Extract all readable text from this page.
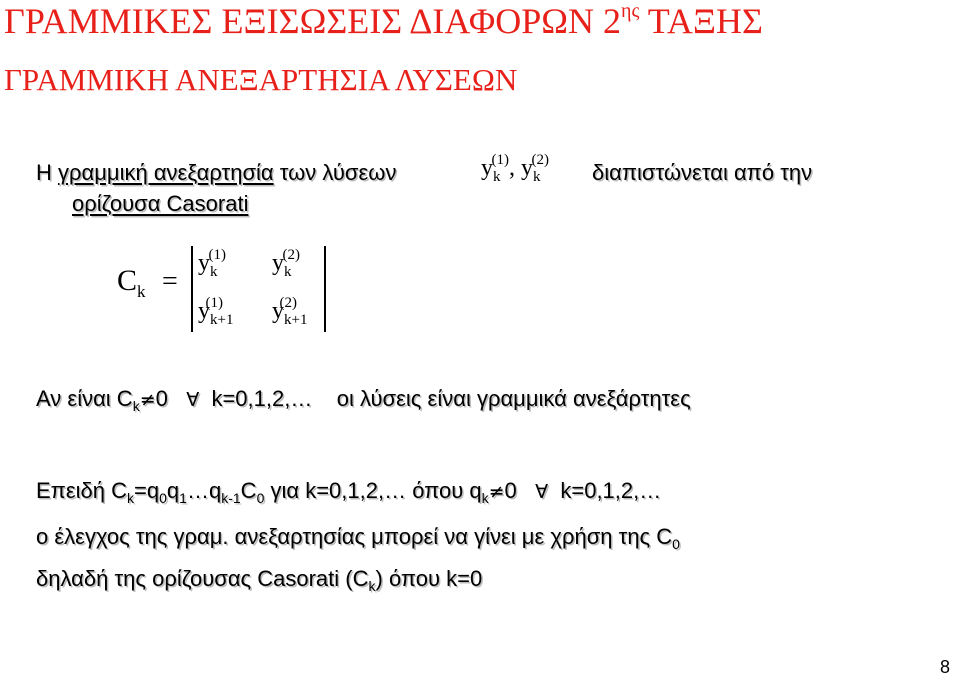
ΓΡΑΜΜΙΚΕΣ ΕΞΙΣΩΣΕΙΣ ΔΙΑΦΟΡΩΝ $2^{\eta\varsigma}$ ΤΑΞΗΣ
ΓΡΑΜΜΙΚΗ ΑΝΕΞΑΡΤΗΣΙΑ ΛΥΣΕΩΝ
Η γραμμική ανεξαρτησία των λύσεων	$y_k^{(1)}$, $y_k^{(2)}$ διαπιστώνεται από την
ορίζουσα Casorati
$C_k$ =
$y_k^{(1)}$ $y_k^{(2)}$
$y_{k+1}^{(1)}$ $y_{k+1}^{(2)}$
Αν είναι $C_k\ne 0$ ∀ k=0,1,2,… οι λύσεις είναι γραμμικά ανεξάρτητες
Επειδή $C_k=q_0q_1\dots q_{k-1}C_0$ για k=0,1,2,… όπου $q_k\ne 0$ ∀ k=0,1,2,…
ο έλεγχος της γραμ. ανεξαρτησίας μπορεί να γίνει με χρήση της $C_0$
δηλαδή της ορίζουσας Casorati $(C_k)$ όπου k=0
8
